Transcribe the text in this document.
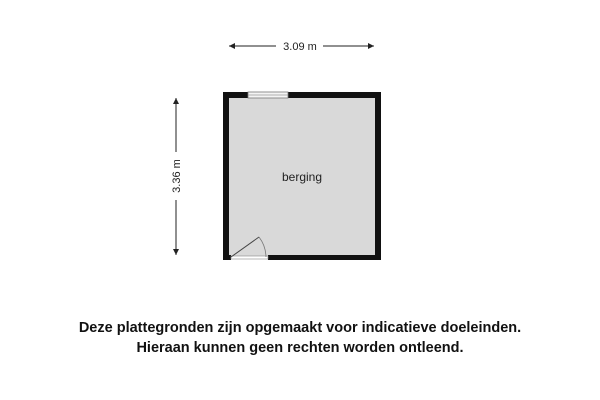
3.09 m
3.36 m	berging
Deze plattegronden zijn opgemaakt voor indicatieve doeleinden.
Hieraan kunnen geen rechten worden ontleend.
